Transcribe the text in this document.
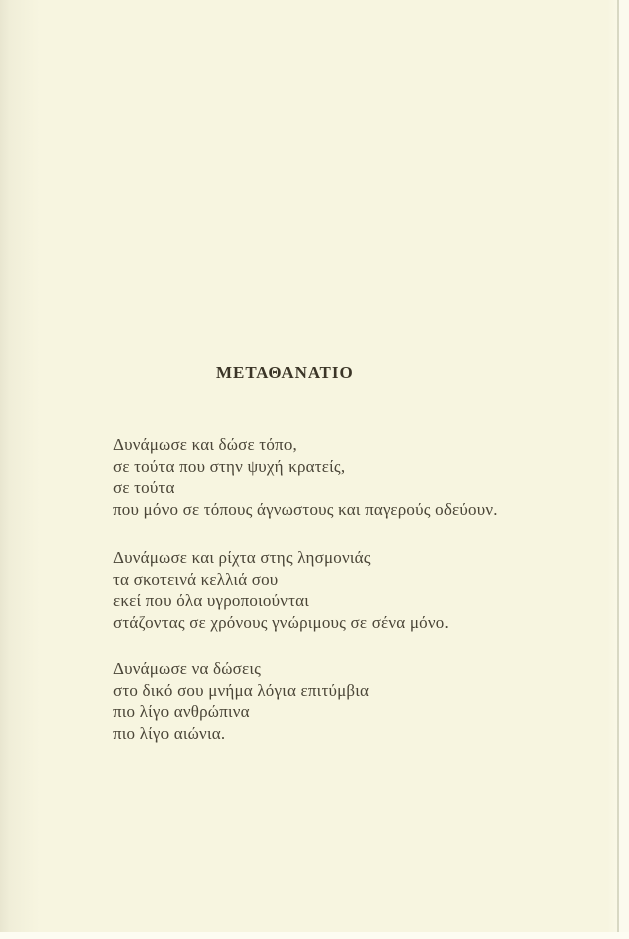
ΜΕΤΑΘΑΝΑΤΙΟ
Δυνάμωσε και δώσε τόπο,
σε τούτα που στην ψυχή κρατείς,
σε τούτα
που μόνο σε τόπους άγνωστους και παγερούς οδεύουν.
Δυνάμωσε και ρίχτα στης λησμονιάς
τα σκοτεινά κελλιά σου
εκεί που όλα υγροποιούνται
στάζοντας σε χρόνους γνώριμους σε σένα μόνο.
Δυνάμωσε να δώσεις
στο δικό σου μνήμα λόγια επιτύμβια
πιο λίγο ανθρώπινα
πιο λίγο αιώνια.
